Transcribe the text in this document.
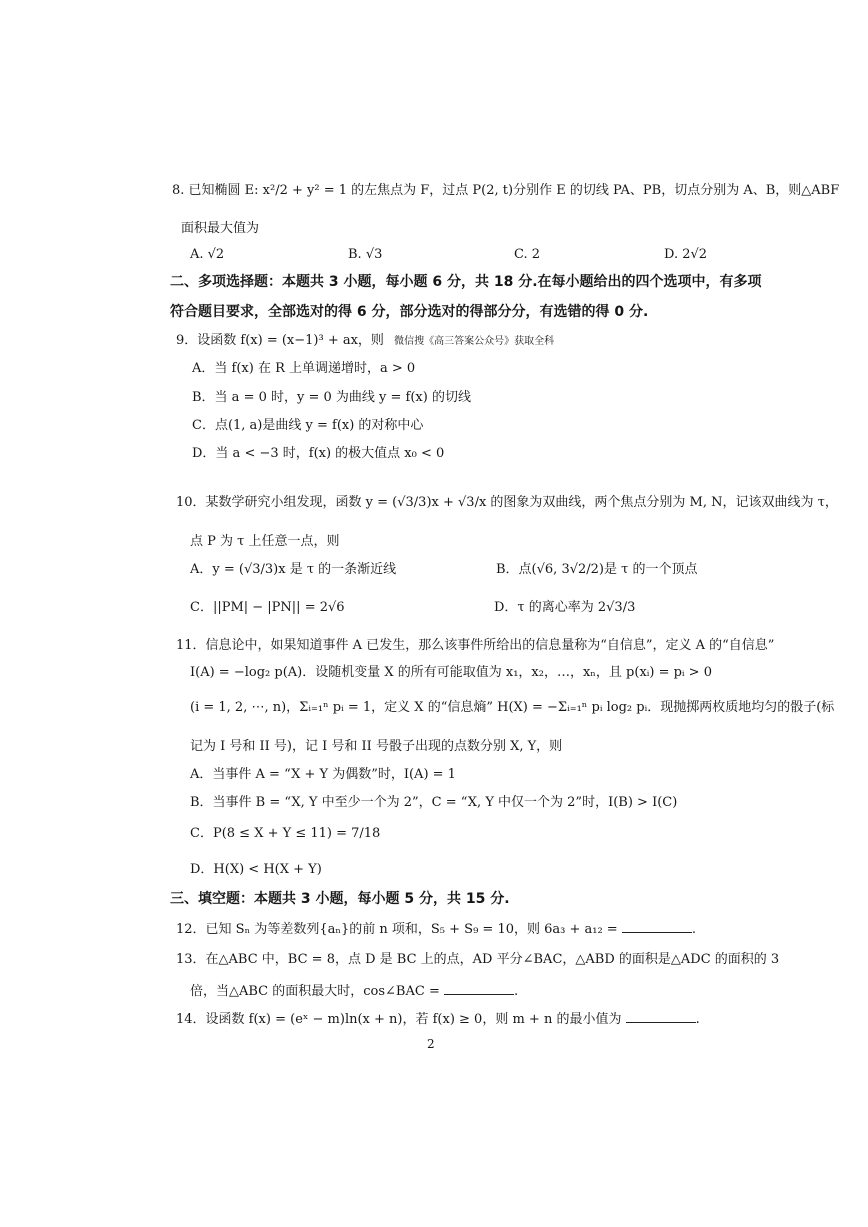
8. 已知椭圆 E: x²/2 + y² = 1 的左焦点为 F，过点 P(2, t)分别作 E 的切线 PA、PB，切点分别为 A、B，则△ABF
面积最大值为
A. √2	B. √3	C. 2	D. 2√2
二、多项选择题：本题共 3 小题，每小题 6 分，共 18 分.在每小题给出的四个选项中，有多项
符合题目要求，全部选对的得 6 分，部分选对的得部分分，有选错的得 0 分.
9．设函数 f(x) = (x−1)³ + ax，则 微信搜《高三答案公众号》获取全科
A．当 f(x) 在 R 上单调递增时，a > 0
B．当 a = 0 时，y = 0 为曲线 y = f(x) 的切线
C．点(1, a)是曲线 y = f(x) 的对称中心
D．当 a < −3 时，f(x) 的极大值点 x₀ < 0
10．某数学研究小组发现，函数 y = (√3/3)x + √3/x 的图象为双曲线，两个焦点分别为 M, N，记该双曲线为 τ，
点 P 为 τ 上任意一点，则
A．y = (√3/3)x 是 τ 的一条渐近线	B．点(√6, 3√2/2)是 τ 的一个顶点
C．||PM| − |PN|| = 2√6	D．τ 的离心率为 2√3/3
11．信息论中，如果知道事件 A 已发生，那么该事件所给出的信息量称为“自信息”，定义 A 的“自信息”
I(A) = −log₂ p(A)．设随机变量 X 的所有可能取值为 x₁，x₂，…，xₙ，且 p(xᵢ) = pᵢ > 0
(i = 1, 2, ⋯, n)，Σᵢ₌₁ⁿ pᵢ = 1，定义 X 的“信息熵” H(X) = −Σᵢ₌₁ⁿ pᵢ log₂ pᵢ．现抛掷两枚质地均匀的骰子(标
记为 I 号和 II 号)，记 I 号和 II 号骰子出现的点数分别 X, Y，则
A．当事件 A = “X + Y 为偶数”时，I(A) = 1
B．当事件 B = “X, Y 中至少一个为 2”，C = “X, Y 中仅一个为 2”时，I(B) > I(C)
C．P(8 ≤ X + Y ≤ 11) = 7/18
D．H(X) < H(X + Y)
三、填空题：本题共 3 小题，每小题 5 分，共 15 分.
12．已知 Sₙ 为等差数列{aₙ}的前 n 项和，S₅ + S₉ = 10，则 6a₃ + a₁₂ =	.
13．在△ABC 中，BC = 8，点 D 是 BC 上的点，AD 平分∠BAC，△ABD 的面积是△ADC 的面积的 3
倍，当△ABC 的面积最大时，cos∠BAC =	.
14．设函数 f(x) = (eˣ − m)ln(x + n)，若 f(x) ≥ 0，则 m + n 的最小值为	.
2
